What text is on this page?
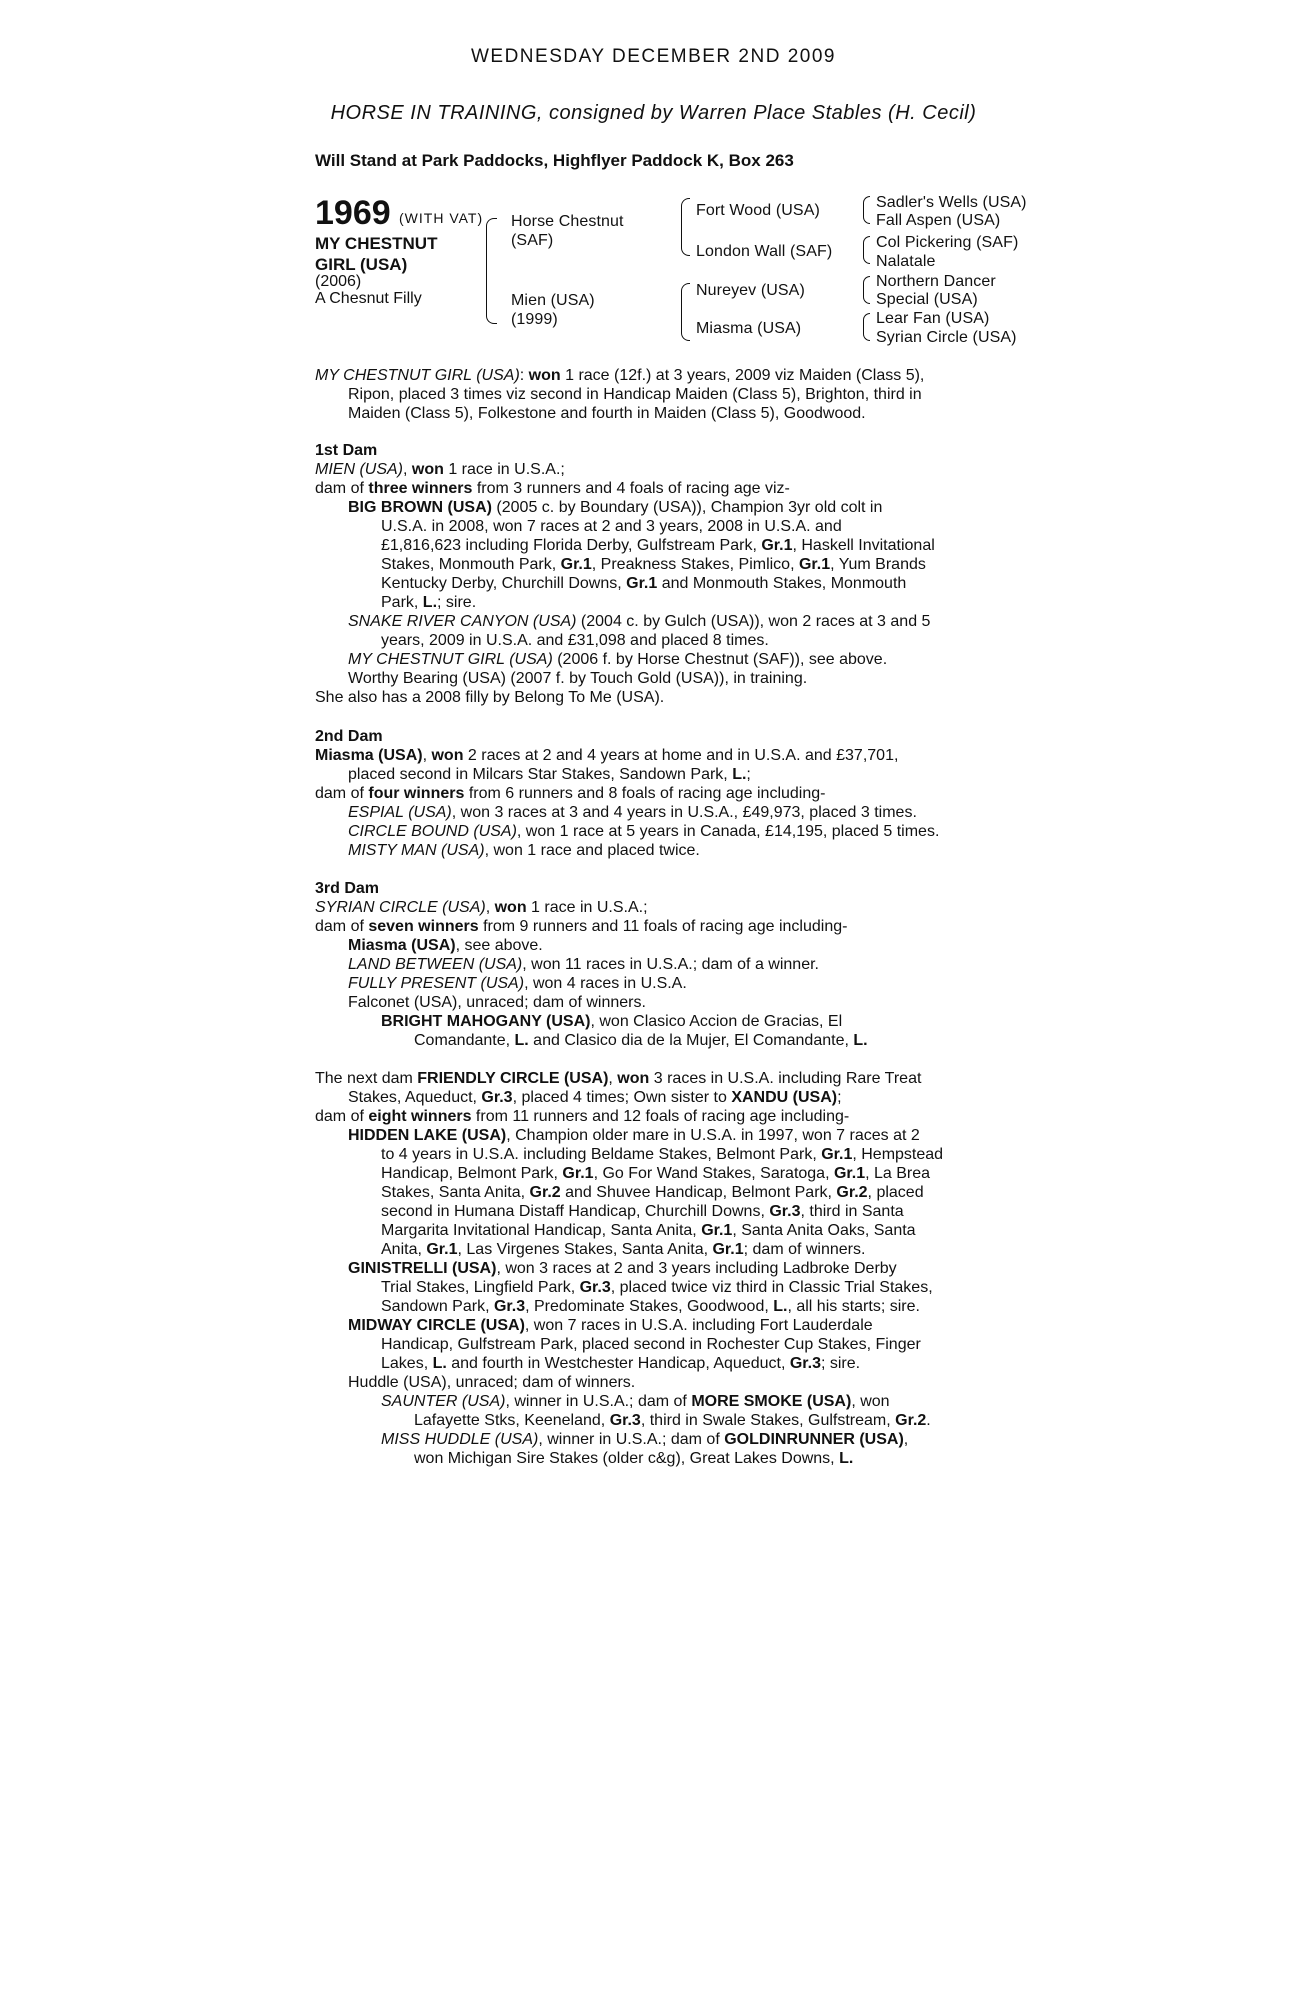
WEDNESDAY DECEMBER 2ND 2009
HORSE IN TRAINING, consigned by Warren Place Stables (H. Cecil)
Will Stand at Park Paddocks, Highflyer Paddock K, Box 263
1969 (WITH VAT)
MY CHESTNUT GIRL (USA)
(2006)
A Chesnut Filly
Horse Chestnut (SAF)
Mien (USA)
(1999)
Fort Wood (USA)
London Wall (SAF)
Nureyev (USA)
Miasma (USA)
Sadler's Wells (USA)
Fall Aspen (USA)
Col Pickering (SAF)
Nalatale
Northern Dancer
Special (USA)
Lear Fan (USA)
Syrian Circle (USA)
MY CHESTNUT GIRL (USA): won 1 race (12f.) at 3 years, 2009 viz Maiden (Class 5),
Ripon, placed 3 times viz second in Handicap Maiden (Class 5), Brighton, third in
Maiden (Class 5), Folkestone and fourth in Maiden (Class 5), Goodwood.
1st Dam
MIEN (USA), won 1 race in U.S.A.;
dam of three winners from 3 runners and 4 foals of racing age viz-
BIG BROWN (USA) (2005 c. by Boundary (USA)), Champion 3yr old colt in
U.S.A. in 2008, won 7 races at 2 and 3 years, 2008 in U.S.A. and
£1,816,623 including Florida Derby, Gulfstream Park, Gr.1, Haskell Invitational
Stakes, Monmouth Park, Gr.1, Preakness Stakes, Pimlico, Gr.1, Yum Brands
Kentucky Derby, Churchill Downs, Gr.1 and Monmouth Stakes, Monmouth
Park, L.; sire.
SNAKE RIVER CANYON (USA) (2004 c. by Gulch (USA)), won 2 races at 3 and 5
years, 2009 in U.S.A. and £31,098 and placed 8 times.
MY CHESTNUT GIRL (USA) (2006 f. by Horse Chestnut (SAF)), see above.
Worthy Bearing (USA) (2007 f. by Touch Gold (USA)), in training.
She also has a 2008 filly by Belong To Me (USA).
2nd Dam
Miasma (USA), won 2 races at 2 and 4 years at home and in U.S.A. and £37,701,
placed second in Milcars Star Stakes, Sandown Park, L.;
dam of four winners from 6 runners and 8 foals of racing age including-
ESPIAL (USA), won 3 races at 3 and 4 years in U.S.A., £49,973, placed 3 times.
CIRCLE BOUND (USA), won 1 race at 5 years in Canada, £14,195, placed 5 times.
MISTY MAN (USA), won 1 race and placed twice.
3rd Dam
SYRIAN CIRCLE (USA), won 1 race in U.S.A.;
dam of seven winners from 9 runners and 11 foals of racing age including-
Miasma (USA), see above.
LAND BETWEEN (USA), won 11 races in U.S.A.; dam of a winner.
FULLY PRESENT (USA), won 4 races in U.S.A.
Falconet (USA), unraced; dam of winners.
BRIGHT MAHOGANY (USA), won Clasico Accion de Gracias, El
Comandante, L. and Clasico dia de la Mujer, El Comandante, L.
The next dam FRIENDLY CIRCLE (USA), won 3 races in U.S.A. including Rare Treat
Stakes, Aqueduct, Gr.3, placed 4 times; Own sister to XANDU (USA);
dam of eight winners from 11 runners and 12 foals of racing age including-
HIDDEN LAKE (USA), Champion older mare in U.S.A. in 1997, won 7 races at 2
to 4 years in U.S.A. including Beldame Stakes, Belmont Park, Gr.1, Hempstead
Handicap, Belmont Park, Gr.1, Go For Wand Stakes, Saratoga, Gr.1, La Brea
Stakes, Santa Anita, Gr.2 and Shuvee Handicap, Belmont Park, Gr.2, placed
second in Humana Distaff Handicap, Churchill Downs, Gr.3, third in Santa
Margarita Invitational Handicap, Santa Anita, Gr.1, Santa Anita Oaks, Santa
Anita, Gr.1, Las Virgenes Stakes, Santa Anita, Gr.1; dam of winners.
GINISTRELLI (USA), won 3 races at 2 and 3 years including Ladbroke Derby
Trial Stakes, Lingfield Park, Gr.3, placed twice viz third in Classic Trial Stakes,
Sandown Park, Gr.3, Predominate Stakes, Goodwood, L., all his starts; sire.
MIDWAY CIRCLE (USA), won 7 races in U.S.A. including Fort Lauderdale
Handicap, Gulfstream Park, placed second in Rochester Cup Stakes, Finger
Lakes, L. and fourth in Westchester Handicap, Aqueduct, Gr.3; sire.
Huddle (USA), unraced; dam of winners.
SAUNTER (USA), winner in U.S.A.; dam of MORE SMOKE (USA), won
Lafayette Stks, Keeneland, Gr.3, third in Swale Stakes, Gulfstream, Gr.2.
MISS HUDDLE (USA), winner in U.S.A.; dam of GOLDINRUNNER (USA),
won Michigan Sire Stakes (older c&g), Great Lakes Downs, L.
